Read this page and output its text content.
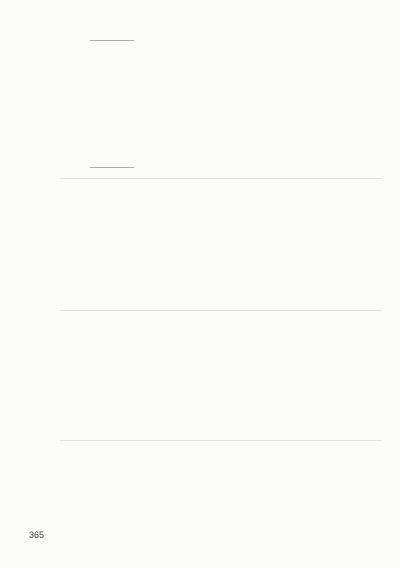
365
